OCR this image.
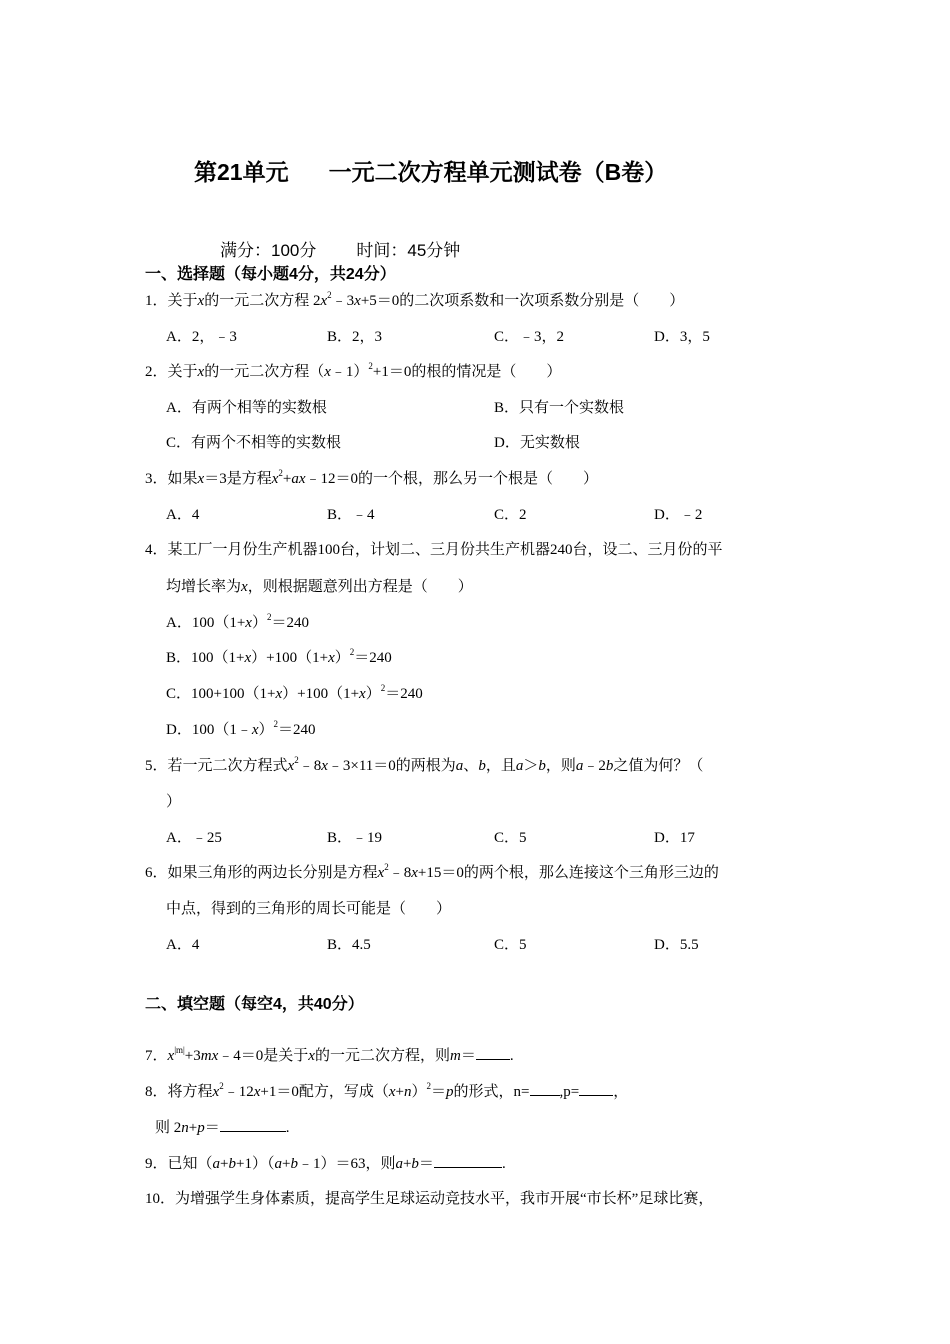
第21单元 一元二次方程单元测试卷（B卷）
满分：100分 时间：45分钟
一、选择题（每小题4分，共24分）
1．关于x的一元二次方程 $2x^2﹣3x+5=0$的二次项系数和一次项系数分别是（　　）
A．2，﹣3	B．2，3	C．﹣3，2	D．3，5
2．关于x的一元二次方程（x﹣1）$^2$+1＝0的根的情况是（　　）
A．有两个相等的实数根	B．只有一个实数根
C．有两个不相等的实数根	D．无实数根
3．如果x＝3是方程$x^2+ax﹣12=0$的一个根，那么另一个根是（　　）
A．4	B．﹣4	C．2	D．﹣2
4．某工厂一月份生产机器100台，计划二、三月份共生产机器240台，设二、三月份的平
均增长率为x，则根据题意列出方程是（　　）
A．$100(1+x)^2=240$
B．$100(1+x)+100(1+x)^2=240$
C．$100+100(1+x)+100(1+x)^2=240$
D．100（1﹣x）$^2$＝240
5．若一元二次方程式$x^2﹣8x﹣3\times 11=0$的两根为a、b，且a＞b，则a﹣2b之值为何？（
）
A．﹣25	B．﹣19	C．5	D．17
6．如果三角形的两边长分别是方程$x^2﹣8x+15=0$的两个根，那么连接这个三角形三边的
中点，得到的三角形的周长可能是（　　）
A．4	B．4.5	C．5	D．5.5
二、填空题（每空4，共40分）
7．$x^{|m|}+3mx﹣4=0$是关于x的一元二次方程，则m＝ .
8．将方程$x^2﹣12x+1=0$配方，写成$(x+n)^2=p$的形式，n= ,p= ，
则 2n+p＝	.
9．已知（a+b+1）（a+b﹣1）＝63，则a+b＝	.
10．为增强学生身体素质，提高学生足球运动竞技水平，我市开展“市长杯”足球比赛，
